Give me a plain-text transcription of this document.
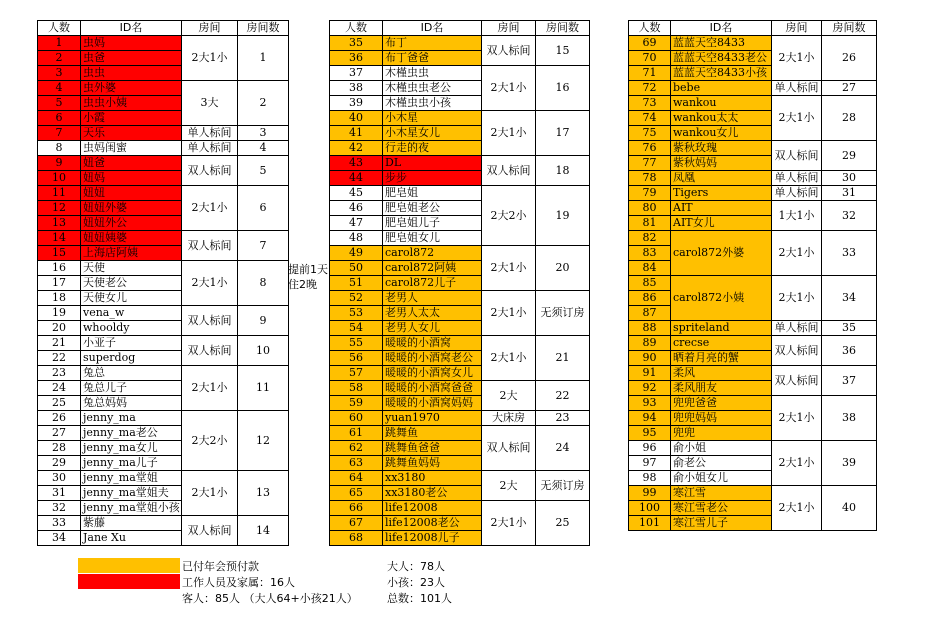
人数	ID名	房间	房间数
1	虫妈	2大1小	1
2	虫爸		
3	虫虫		
4	虫外婆	3大	2
5	虫虫小姨		
6	小霞		
7	天乐	单人标间	3
8	虫妈闺蜜	单人标间	4
9	妞爸	双人标间	5
10	妞妈		
11	妞妞	2大1小	6
12	妞妞外婆		
13	妞妞外公		
14	妞妞姨婆	双人标间	7
15	上海店阿姨		
16	天使	2大1小	8
17	天使老公		
18	天使女儿		
19	vena_w	双人标间	9
20	whooldy		
21	小亚子	双人标间	10
22	superdog		
23	兔总	2大1小	11
24	兔总儿子		
25	兔总妈妈		
26	jenny_ma	2大2小	12
27	jenny_ma老公		
28	jenny_ma女儿		
29	jenny_ma儿子		
30	jenny_ma堂姐	2大1小	13
31	jenny_ma堂姐夫		
32	jenny_ma堂姐小孩		
33	紫藤	双人标间	14
34	Jane Xu		
提前1天住2晚
人数	ID名	房间	房间数
35	布丁	双人标间	15
36	布丁爸爸		
37	木槿虫虫	2大1小	16
38	木槿虫虫老公		
39	木槿虫虫小孩		
40	小木星	2大1小	17
41	小木星女儿		
42	行走的夜		
43	DL	双人标间	18
44	步步		
45	肥皂姐	2大2小	19
46	肥皂姐老公		
47	肥皂姐儿子		
48	肥皂姐女儿		
49	carol872	2大1小	20
50	carol872阿姨		
51	carol872儿子		
52	老男人	2大1小	无须订房
53	老男人太太		
54	老男人女儿		
55	暖暖的小酒窝	2大1小	21
56	暖暖的小酒窝老公		
57	暖暖的小酒窝女儿		
58	暖暖的小酒窝爸爸	2大	22
59	暖暖的小酒窝妈妈		
60	yuan1970	大床房	23
61	跳舞鱼	双人标间	24
62	跳舞鱼爸爸		
63	跳舞鱼妈妈		
64	xx3180	2大	无须订房
65	xx3180老公		
66	life12008	2大1小	25
67	life12008老公		
68	life12008儿子		
人数	ID名	房间	房间数	
69	蓝蓝天空8433	2大1小	26	
70	蓝蓝天空8433老公			
71	蓝蓝天空8433小孩			
72	bebe	单人标间	27	
73	wankou	2大1小	28	
74	wankou太太			
75	wankou女儿			
76	紫秋玫瑰	双人标间	29	
77	紫秋妈妈			
78	凤凰	单人标间	30	
79	Tigers	单人标间	31	
80	AIT	1大1小	32	
81	AIT女儿			
82	carol872外婆	2大1小	33	
83	
84				
85	carol872小姨	2大1小	34	
86	
87				
88	spriteland	单人标间	35	
89	crecse	双人标间	36	
90	晒着月亮的蟹			
91	柔风	双人标间	37	
92	柔风朋友			
93	兜兜爸爸	2大1小	38	
94	兜兜妈妈			
95	兜兜			
96	俞小姐	2大1小	39	
97	俞老公			
98	俞小姐女儿			
99	寒江雪	2大1小	40	
100	寒江雪老公			
101	寒江雪儿子			
已付年会预付款
工作人员及家属：16人
客人：85人 （大人64+小孩21人）
大人：78人
小孩：23人
总数：101人
